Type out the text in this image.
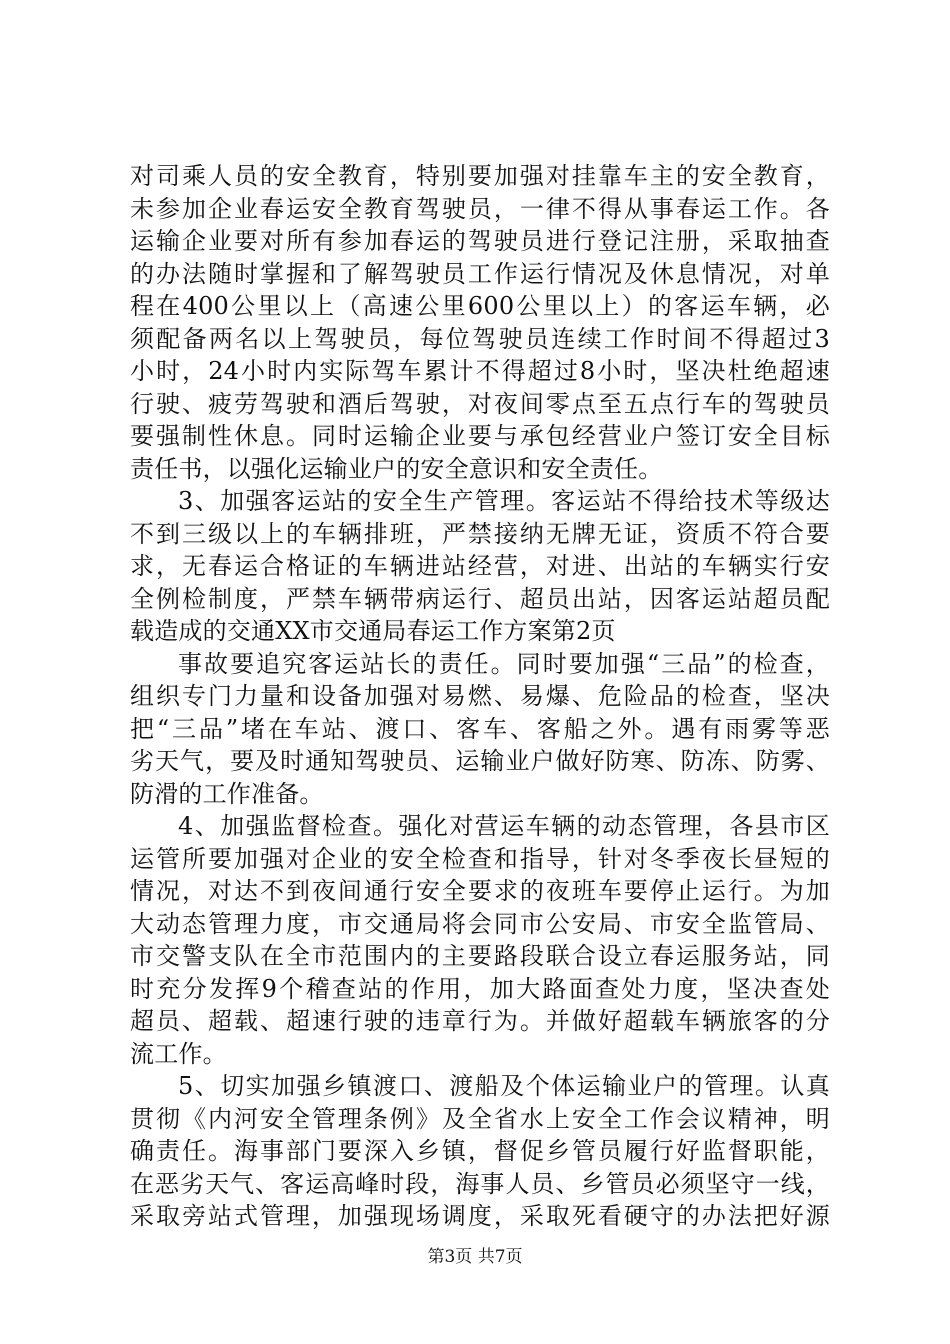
对司乘人员的安全教育，特别要加强对挂靠车主的安全教育，
未参加企业春运安全教育驾驶员，一律不得从事春运工作。各
运输企业要对所有参加春运的驾驶员进行登记注册，采取抽查
的办法随时掌握和了解驾驶员工作运行情况及休息情况，对单
程在400公里以上（高速公里600公里以上）的客运车辆，必
须配备两名以上驾驶员，每位驾驶员连续工作时间不得超过3
小时，24小时内实际驾车累计不得超过8小时，坚决杜绝超速
行驶、疲劳驾驶和酒后驾驶，对夜间零点至五点行车的驾驶员
要强制性休息。同时运输企业要与承包经营业户签订安全目标
责任书，以强化运输业户的安全意识和安全责任。
3、加强客运站的安全生产管理。客运站不得给技术等级达
不到三级以上的车辆排班，严禁接纳无牌无证，资质不符合要
求，无春运合格证的车辆进站经营，对进、出站的车辆实行安
全例检制度，严禁车辆带病运行、超员出站，因客运站超员配
载造成的交通XX市交通局春运工作方案第2页
事故要追究客运站长的责任。同时要加强“三品”的检查，
组织专门力量和设备加强对易燃、易爆、危险品的检查，坚决
把“三品”堵在车站、渡口、客车、客船之外。遇有雨雾等恶
劣天气，要及时通知驾驶员、运输业户做好防寒、防冻、防雾、
防滑的工作准备。
4、加强监督检查。强化对营运车辆的动态管理，各县市区
运管所要加强对企业的安全检查和指导，针对冬季夜长昼短的
情况，对达不到夜间通行安全要求的夜班车要停止运行。为加
大动态管理力度，市交通局将会同市公安局、市安全监管局、
市交警支队在全市范围内的主要路段联合设立春运服务站，同
时充分发挥9个稽查站的作用，加大路面查处力度，坚决查处
超员、超载、超速行驶的违章行为。并做好超载车辆旅客的分
流工作。
5、切实加强乡镇渡口、渡船及个体运输业户的管理。认真
贯彻《内河安全管理条例》及全省水上安全工作会议精神，明
确责任。海事部门要深入乡镇，督促乡管员履行好监督职能，
在恶劣天气、客运高峰时段，海事人员、乡管员必须坚守一线，
采取旁站式管理，加强现场调度，采取死看硬守的办法把好源
第3页 共7页
